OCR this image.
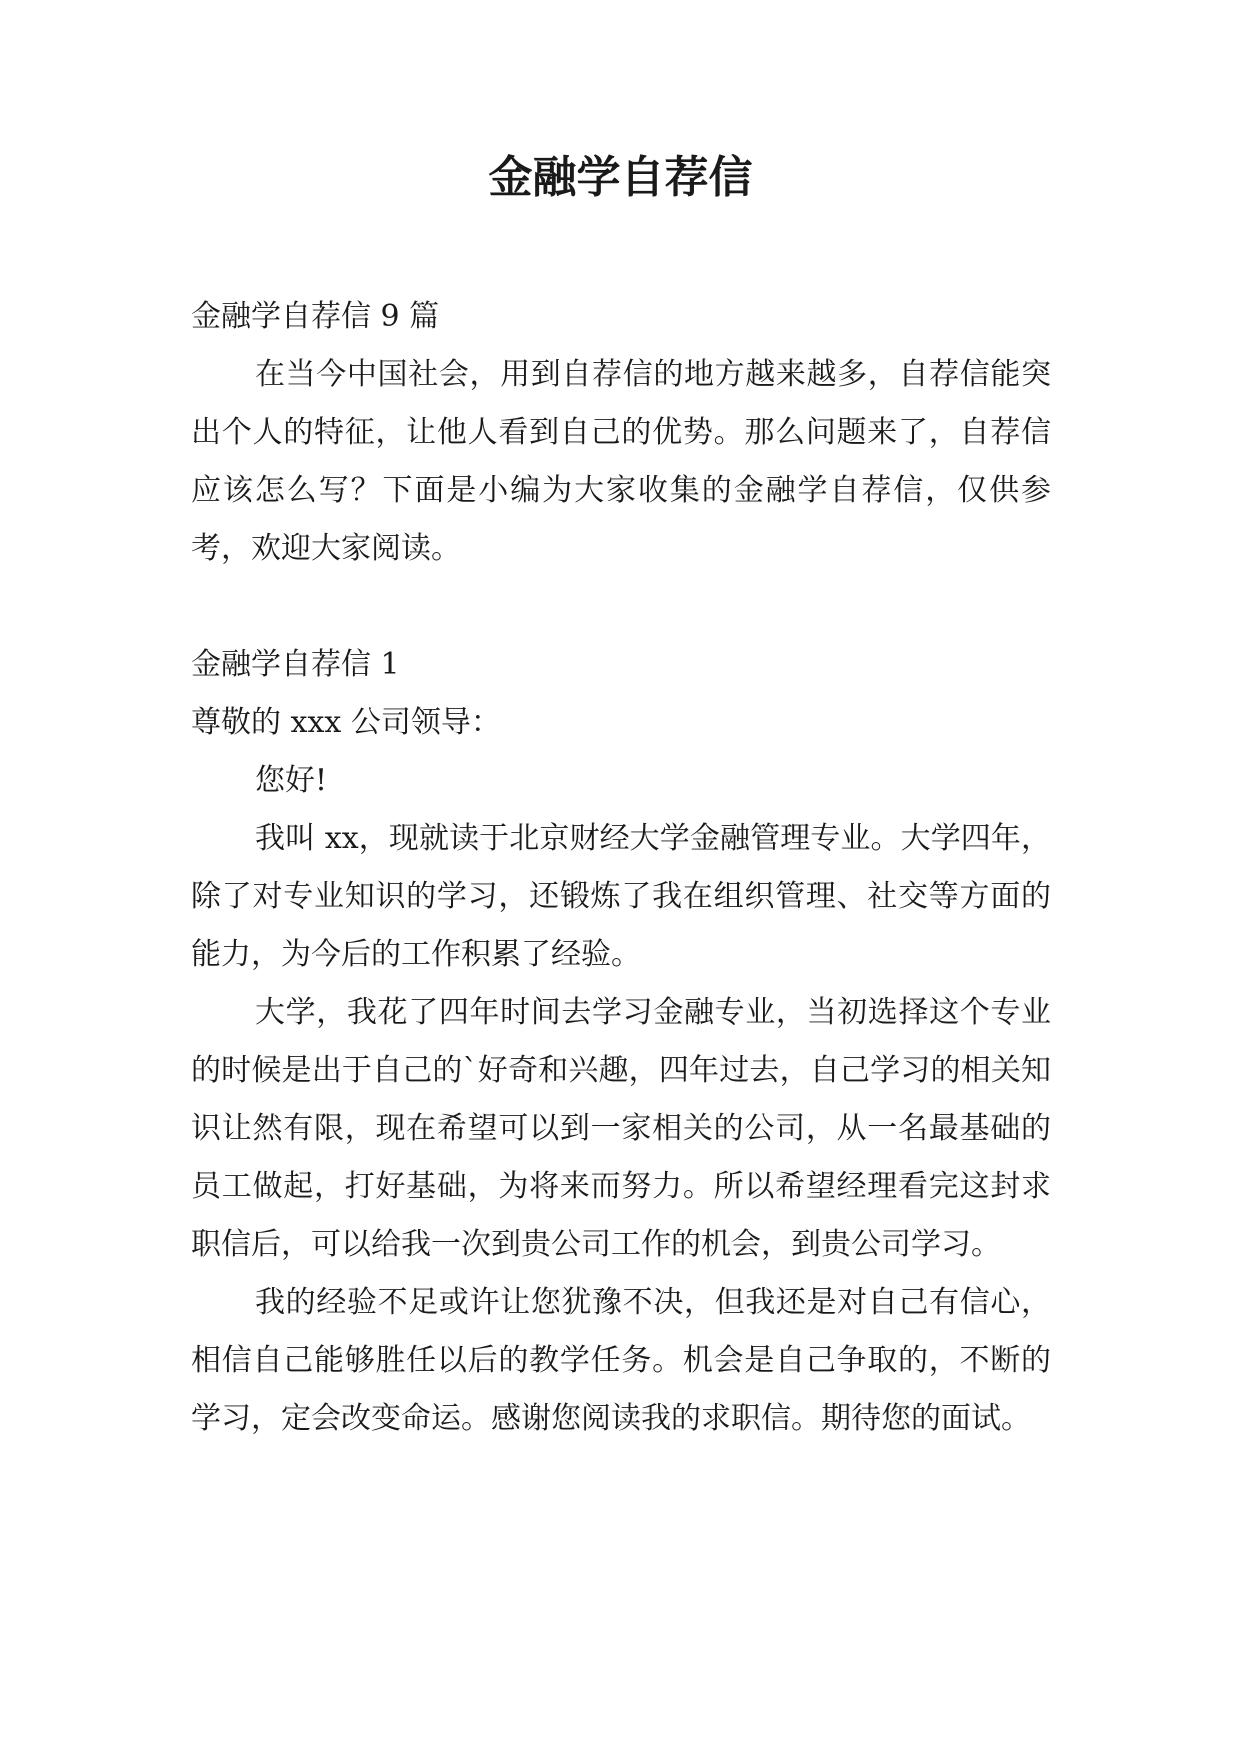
金融学自荐信

金融学自荐信 9 篇

在当今中国社会，用到自荐信的地方越来越多，自荐信能突出个人的特征，让他人看到自己的优势。那么问题来了，自荐信应该怎么写？下面是小编为大家收集的金融学自荐信，仅供参考，欢迎大家阅读。

金融学自荐信 1

尊敬的 xxx 公司领导：

您好!

我叫 xx，现就读于北京财经大学金融管理专业。大学四年，除了对专业知识的学习，还锻炼了我在组织管理、社交等方面的能力，为今后的工作积累了经验。

大学，我花了四年时间去学习金融专业，当初选择这个专业的时候是出于自己的`好奇和兴趣，四年过去，自己学习的相关知识让然有限，现在希望可以到一家相关的公司，从一名最基础的员工做起，打好基础，为将来而努力。所以希望经理看完这封求职信后，可以给我一次到贵公司工作的机会，到贵公司学习。

我的经验不足或许让您犹豫不决，但我还是对自己有信心，相信自己能够胜任以后的教学任务。机会是自己争取的，不断的学习，定会改变命运。感谢您阅读我的求职信。期待您的面试。
